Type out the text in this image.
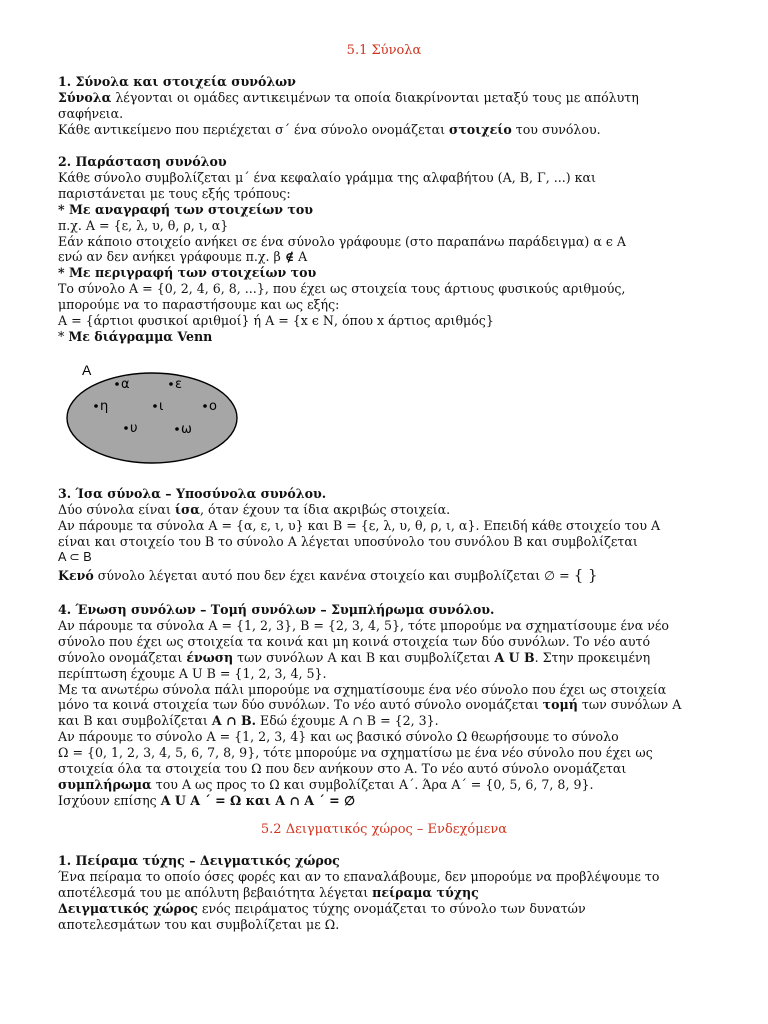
5.1 Σύνολα

1. Σύνολα και στοιχεία συνόλων

Σύνολα λέγονται οι ομάδες αντικειμένων τα οποία διακρίνονται μεταξύ τους με απόλυτη

σαφήνεια.

Κάθε αντικείμενο που περιέχεται σ΄ ένα σύνολο ονομάζεται στοιχείο του συνόλου.

2. Παράσταση συνόλου

Κάθε σύνολο συμβολίζεται μ΄ ένα κεφαλαίο γράμμα της αλφαβήτου (Α, Β, Γ, ...) και

παριστάνεται με τους εξής τρόπους:

* Με αναγραφή των στοιχείων του

π.χ. Α = {ε, λ, υ, θ, ρ, ι, α}

Εάν κάποιο στοιχείο ανήκει σε ένα σύνολο γράφουμε (στο παραπάνω παράδειγμα) α ϵ Α

ενώ αν δεν ανήκει γράφουμε π.χ. β ∉ Α

* Με περιγραφή των στοιχείων του

Το σύνολο Α = {0, 2, 4, 6, 8, ...}, που έχει ως στοιχεία τους άρτιους φυσικούς αριθμούς,

μπορούμε να το παραστήσουμε και ως εξής:

Α = {άρτιοι φυσικοί αριθμοί} ή Α = {x ϵ Ν, όπου x άρτιος αριθμός}

* Με διάγραμμα Venn

Α
α	ε
η	ι	ο
υ	ω

3. Ίσα σύνολα – Υποσύνολα συνόλου.

Δύο σύνολα είναι ίσα, όταν έχουν τα ίδια ακριβώς στοιχεία.

Αν πάρουμε τα σύνολα Α = {α, ε, ι, υ} και Β = {ε, λ, υ, θ, ρ, ι, α}. Επειδή κάθε στοιχείο του Α

είναι και στοιχείο του Β το σύνολο Α λέγεται υποσύνολο του συνόλου Β και συμβολίζεται

Α ⊂ Β

Κενό σύνολο λέγεται αυτό που δεν έχει κανένα στοιχείο και συμβολίζεται ∅ = { }

4. Ένωση συνόλων – Τομή συνόλων – Συμπλήρωμα συνόλου.

Αν πάρουμε τα σύνολα Α = {1, 2, 3}, Β = {2, 3, 4, 5}, τότε μπορούμε να σχηματίσουμε ένα νέο

σύνολο που έχει ως στοιχεία τα κοινά και μη κοινά στοιχεία των δύο συνόλων. Το νέο αυτό

σύνολο ονομάζεται ένωση των συνόλων Α και Β και συμβολίζεται Α U Β. Στην προκειμένη

περίπτωση έχουμε Α U Β = {1, 2, 3, 4, 5}.

Με τα ανωτέρω σύνολα πάλι μπορούμε να σχηματίσουμε ένα νέο σύνολο που έχει ως στοιχεία

μόνο τα κοινά στοιχεία των δύο συνόλων. Το νέο αυτό σύνολο ονομάζεται τομή των συνόλων Α

και Β και συμβολίζεται Α ∩ Β. Εδώ έχουμε Α ∩ Β = {2, 3}.

Αν πάρουμε το σύνολο Α = {1, 2, 3, 4} και ως βασικό σύνολο Ω θεωρήσουμε το σύνολο

Ω = {0, 1, 2, 3, 4, 5, 6, 7, 8, 9}, τότε μπορούμε να σχηματίσω με ένα νέο σύνολο που έχει ως

στοιχεία όλα τα στοιχεία του Ω που δεν ανήκουν στο Α. Το νέο αυτό σύνολο ονομάζεται

συμπλήρωμα του Α ως προς το Ω και συμβολίζεται Α΄. Άρα Α΄ = {0, 5, 6, 7, 8, 9}.

Ισχύουν επίσης Α U Α ΄ = Ω και Α ∩ Α ΄ = ∅

5.2 Δειγματικός χώρος – Ενδεχόμενα

1. Πείραμα τύχης – Δειγματικός χώρος

Ένα πείραμα το οποίο όσες φορές και αν το επαναλάβουμε, δεν μπορούμε να προβλέψουμε το

αποτέλεσμά του με απόλυτη βεβαιότητα λέγεται πείραμα τύχης

Δειγματικός χώρος ενός πειράματος τύχης ονομάζεται το σύνολο των δυνατών

αποτελεσμάτων του και συμβολίζεται με Ω.
